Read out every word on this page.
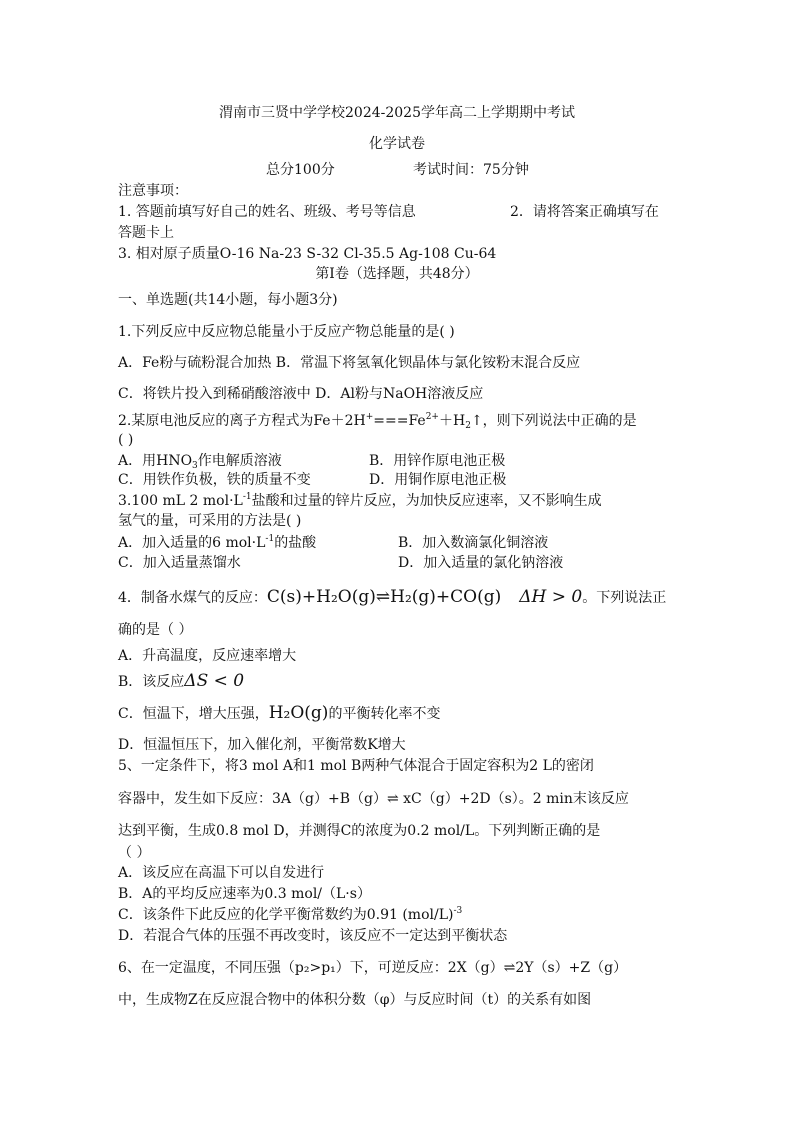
渭南市三贤中学学校2024-2025学年高二上学期期中考试
化学试卷
总分100分	考试时间：75分钟
注意事项：
1. 答题前填写好自己的姓名、班级、考号等信息	2．请将答案正确填写在
答题卡上
3. 相对原子质量O-16 Na-23 S-32 Cl-35.5 Ag-108 Cu-64
第Ⅰ卷（选择题，共48分）
一、单选题(共14小题，每小题3分)
1.下列反应中反应物总能量小于反应产物总能量的是( )
A．Fe粉与硫粉混合加热 B．常温下将氢氧化钡晶体与氯化铵粉末混合反应
C．将铁片投入到稀硝酸溶液中 D．Al粉与NaOH溶液反应
2.某原电池反应的离子方程式为$Fe+2H^+===Fe^{2+}+H_2↑$，则下列说法中正确的是
( )
A．用$HNO_3$作电解质溶液	B．用锌作原电池正极
C．用铁作负极，铁的质量不变	D．用铜作原电池正极
3.100 mL 2 $mol\cdot L^{-1}$盐酸和过量的锌片反应，为加快反应速率，又不影响生成
氢气的量，可采用的方法是( )
A．加入适量的6 $mol\cdot L^{-1}$的盐酸	B．加入数滴氯化铜溶液
C．加入适量蒸馏水	D．加入适量的氯化钠溶液
4．制备水煤气的反应：C(s)+H₂O(g)⇌H₂(g)+CO(g) ΔH > 0。下列说法正
确的是（ ）
A．升高温度，反应速率增大
B．该反应ΔS < 0
C．恒温下，增大压强，H₂O(g)的平衡转化率不变
D．恒温恒压下，加入催化剂，平衡常数K增大
5、一定条件下，将3 mol A和1 mol B两种气体混合于固定容积为2 L的密闭
容器中，发生如下反应：3A（g）+B（g）⇌ xC（g）+2D（s）。2 min末该反应
达到平衡，生成0.8 mol D，并测得C的浓度为0.2 mol/L。下列判断正确的是
（ ）
A．该反应在高温下可以自发进行
B．A的平均反应速率为0.3 mol/（L·s）
C．该条件下此反应的化学平衡常数约为0.91 $(mol/L)^{-3}$
D．若混合气体的压强不再改变时，该反应不一定达到平衡状态
6、在一定温度，不同压强（p₂>p₁）下，可逆反应：2X（g）⇌2Y（s）+Z（g）
中，生成物Z在反应混合物中的体积分数（φ）与反应时间（t）的关系有如图
